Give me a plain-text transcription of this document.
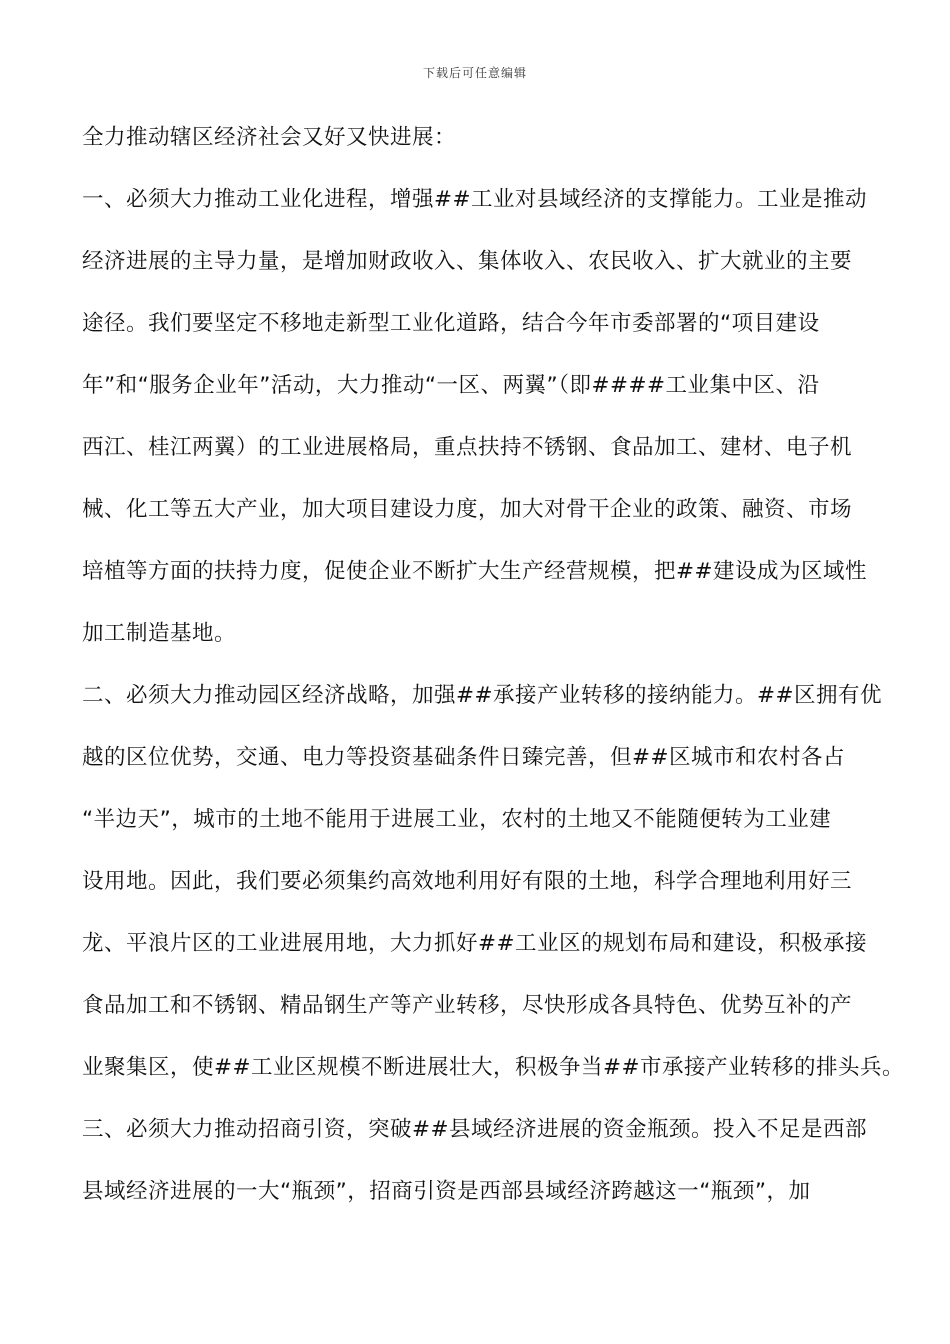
下载后可任意编辑
全力推动辖区经济社会又好又快进展：
一、必须大力推动工业化进程，增强##工业对县域经济的支撑能力。工业是推动
经济进展的主导力量，是增加财政收入、集体收入、农民收入、扩大就业的主要
途径。我们要坚定不移地走新型工业化道路，结合今年市委部署的“项目建设
年”和“服务企业年”活动，大力推动“一区、两翼”（即####工业集中区、沿
西江、桂江两翼）的工业进展格局，重点扶持不锈钢、食品加工、建材、电子机
械、化工等五大产业，加大项目建设力度，加大对骨干企业的政策、融资、市场
培植等方面的扶持力度，促使企业不断扩大生产经营规模，把##建设成为区域性
加工制造基地。
二、必须大力推动园区经济战略，加强##承接产业转移的接纳能力。##区拥有优
越的区位优势，交通、电力等投资基础条件日臻完善，但##区城市和农村各占
“半边天”，城市的土地不能用于进展工业，农村的土地又不能随便转为工业建
设用地。因此，我们要必须集约高效地利用好有限的土地，科学合理地利用好三
龙、平浪片区的工业进展用地，大力抓好##工业区的规划布局和建设，积极承接
食品加工和不锈钢、精品钢生产等产业转移，尽快形成各具特色、优势互补的产
业聚集区，使##工业区规模不断进展壮大，积极争当##市承接产业转移的排头兵。
三、必须大力推动招商引资，突破##县域经济进展的资金瓶颈。投入不足是西部
县域经济进展的一大“瓶颈”，招商引资是西部县域经济跨越这一“瓶颈”，加
